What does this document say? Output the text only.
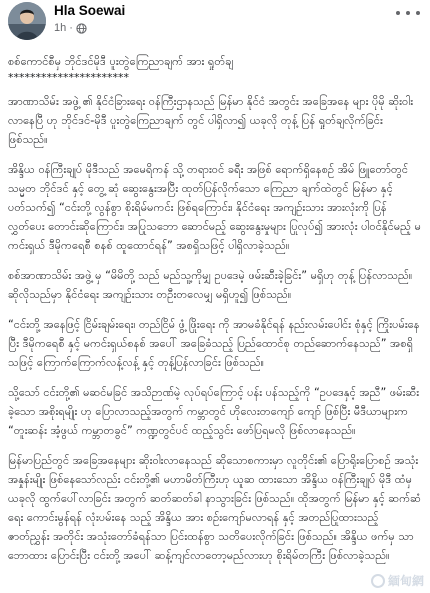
Hla Soewai
1h ·
စစ်ကောင်စီမှ ဘိုင်ဒင်မိုဒီ ပူးတွဲကြေညာချက် အား ရှုတ်ချ
**********************
အာဏာသိမ်း အဖွဲ့ ၏ နိုင်ငံခြားရေး ဝန်ကြီးဌာနသည် မြန်မာ နိုင်ငံ အတွင်း အခြေအနေ များ ပိုမို ဆိုးဝါးလာနေပြီ ဟု ဘိုင်ဒင်-မိုဒီ ပူးတွဲကြေညာချက် တွင် ပါရှိလာ၍ ယခုလို တုန့် ပြန် ရှုတ်ချလိုက်ခြင်း ဖြစ်သည်။
အိန္ဒိယ ဝန်ကြီးချုပ် မိုဒီသည် အမေရိကန် သို့ တရားဝင် ခရီး အဖြစ် ရောက်ရှိနေစဉ် အိမ် ဖြူတော်တွင် သမ္မတ ဘိုင်ဒင် နှင့် တွေ့ ဆုံ ဆွေးနွေးအပြီး ထုတ်ပြန်လိုက်သော ကြေညာ ချက်ထဲတွင် မြန်မာ နှင့် ပတ်သက်၍ “ငင်းတို့ လွန်စွာ စိုးရိမ်မကင်း ဖြစ်ရကြောင်း၊ နိုင်ငံရေး အကျဉ်းသား အားလုံးကို ပြန်လွှတ်ပေး တောင်းဆိုကြောင်း၊ အပြုသဘော ဆောင်မည့် ဆွေးနွေးမှုများ ပြုလုပ်၍ အားလုံး ပါဝင်နိုင်မည့် မကင်းရှယ် ဒီမိုကရေစီ စနစ် ထူထောင်ရန်” အစရှိသဖြင့် ပါရှိလာခဲ့သည်။
စစ်အာဏာသိမ်း အဖွဲ့ မှ “မိမိတို့ သည် မည်သူ့ကိုမျှ ဥပဒေမဲ့ ဖမ်းဆီးခဲ့ခြင်း” မရှိဟု တုန့် ပြန်လာသည်။ ဆိုလိုသည်မှာ နိုင်ငံရေး အကျဉ်းသား တဦးတလေမျှ မရှိဟူ၍ ဖြစ်သည်။
“ငင်းတို့ အနေဖြင့် ငြိမ်းချမ်းရေး၊ တည်ငြိမ် ဖွံ့ ဖြိုးရေး ကို အာမခံနိုင်ရန် နည်းလမ်းပေါင်း စုံနှင့် ကြိုးပမ်းနေပြီး ဒီမိုကရေစီ နှင့် မကင်းရှယ်စနစ် အပေါ် အခြေခံသည့် ပြည်ထောင်စု တည်ဆောက်နေသည်” အစရှိသဖြင့် ကြောက်ကြောက်လန့်လန့် နှင့် တုန့်ပြန်လာခြင်း ဖြစ်သည်။
သို့သော် ငင်းတို့၏ မဆင်မခြင် အသိဉာဏ်မဲ့ လုပ်ရပ်ကြောင့် ပန်း ပန်သည့်ကို “ဥပဒေနှင့် အညီ” ဖမ်းဆီး ခဲ့သော အစိုးရမျိုး ဟု ပြောလာသည့်အတွက် ကမ္ဘာတွင် ဟိုလေးတကျော် ကျော် ဖြစ်ပြီး မီဒီယာများက “တူးဆန်း အံ့ဖွယ် ကမ္ဘာတခွင်” ကဏ္ဍတွင်ပင် ထည့်သွင်း ဖော်ပြရမလို ဖြစ်လာနေသည်။
မြန်မာပြည်တွင် အခြေအနေများ ဆိုးဝါးလာနေသည် ဆိုသောစကားမှာ လူတိုင်း၏ ပြောရိုးပြောစဉ် အသုံး အနှုန်းမျိုး ဖြစ်နေသော်လည်း ငင်းတို့၏ မဟာမိတ်ကြီးဟု ယူဆ ထားသော အိန္ဒိယ ဝန်ကြီးချုပ် မိုဒီ ထံမှ ယခုလို ထွက်ပေါ်လာခြင်း အတွက် ဆတ်ဆတ်ခါ နာသွားခြင်း ဖြစ်သည်။ ထိုအတွက် မြန်မာ နှင့် ဆက်ဆံရေး ကောင်းမွန်ရန် လုံးပမ်းနေ သည့် အိန္ဒိယ အား စဉ်းကျော်မလာရန် နှင့် အတည်ပြုထားသည့် ဇာတ်ညွှန်း အတိုင်း အသုံးတော်ခံရန်သာ ပြင်းထန်စွာ သတိပေးလိုက်ခြင်း ဖြစ်သည်။ အိန္ဒိယ ဖက်မှ သာဘောထား ပြောင်းပြီး ငင်းတို့ အပေါ် ဆန့်ကျင်လာတော့မည်လားဟု စိုးရိမ်တကြီး ဖြစ်လာခဲ့သည်။
緬甸網
